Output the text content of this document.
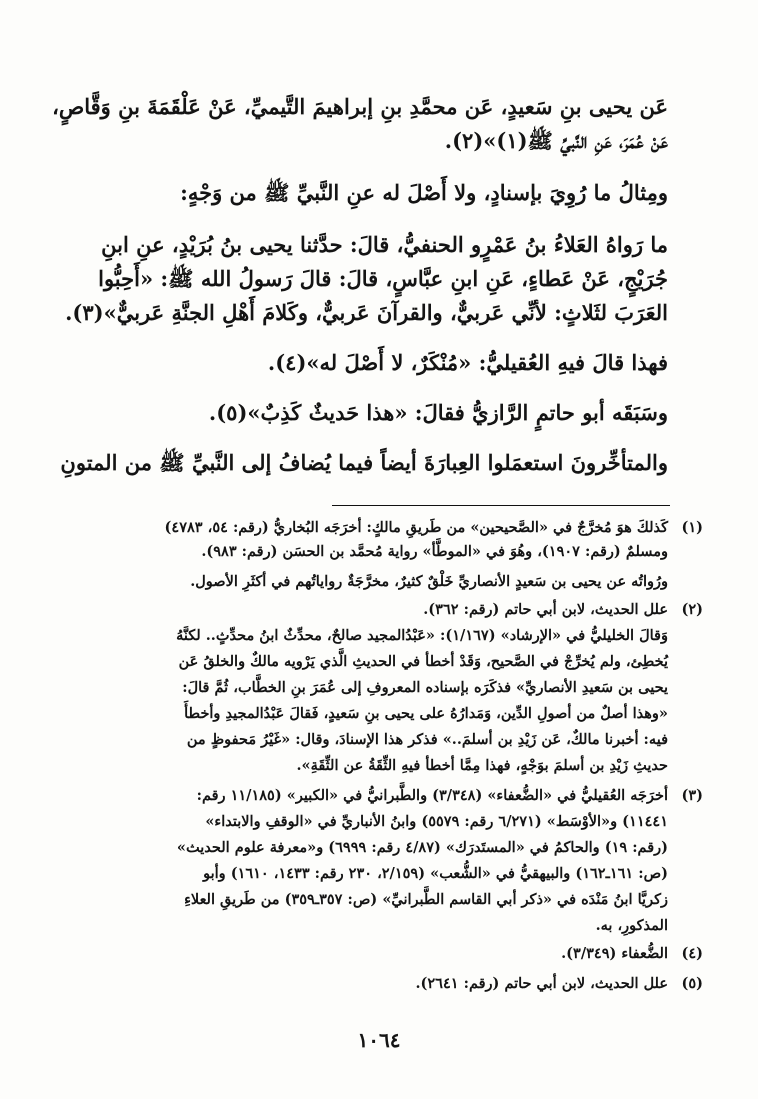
عَن يحيى بنِ سَعيدٍ، عَن محمَّدِ بنِ إبراهيمَ التَّيميِّ، عَنْ عَلْقَمَةَ بنِ وَقَّاصٍ،
عَنْ عُمَرَ، عَنِ النَّبيِّ ﷺ(١)»(٢).
ومِثالُ ما رُوِيَ بإسنادٍ، ولا أَصْلَ له عنِ النَّبيِّ ﷺ من وَجْهٍ:
ما رَواهُ العَلاءُ بنُ عَمْرٍو الحنفيُّ، قالَ: حدَّثنا يحيى بنُ بُرَيْدٍ، عنِ ابنِ
جُرَيْجٍ، عَنْ عَطاءٍ، عَنِ ابنِ عبَّاسٍ، قالَ: قالَ رَسولُ الله ﷺ: «أَحِبُّوا
العَرَبَ لثَلاثٍ: لأنِّي عَربيٌّ، والقرآنَ عَربيٌّ، وكَلامَ أَهْلِ الجنَّةِ عَربيٌّ»(٣).
فهذا قالَ فيهِ العُقيليُّ: «مُنْكَرٌ، لا أَصْلَ له»(٤).
وسَبَقَه أبو حاتمٍ الرَّازيُّ فقالَ: «هذا حَديثٌ كَذِبٌ»(٥).
والمتأخِّرونَ استعمَلوا العِبارَةَ أيضاً فيما يُضافُ إلى النَّبيِّ ﷺ من المتونِ
(١)
كَذلكَ هوَ مُخرَّجٌ في «الصَّحيحين» من طَريقِ مالكٍ: أخرَجَه البُخاريُّ (رقم: ٥٤، ٤٧٨٣)
ومسلمٌ (رقم: ١٩٠٧)، وهُوَ في «الموطَّأ» رواية مُحمَّد بن الحسَن (رقم: ٩٨٣).
ورُواتُه عن يحيى بن سَعيدٍ الأنصاريِّ خَلْقٌ كثيرٌ، مخرَّجَةٌ رواياتُهم في أكثَرِ الأصول.
(٢)
علل الحديث، لابن أبي حاتم (رقم: ٣٦٢).
وَقالَ الخليليُّ في «الإرشاد» (١/١٦٧): «عَبْدُالمجيد صالحٌ، محدِّثٌ ابنُ محدِّثٍ.. لكنَّهُ
يُخطِئ، ولم يُخرِّجْ في الصَّحيح، وَقَدْ أخطأ في الحديثِ الَّذي يَرْويه مالكٌ والخلقُ عَن
يحيى بن سَعيدِ الأنصاريِّ» فذكَرَه بإسناده المعروفِ إلى عُمَرَ بنِ الخطَّاب، ثُمَّ قالَ:
«وهذا أصلٌ من أصولِ الدِّين، وَمَدارُهُ على يحيى بنِ سَعيدٍ، فَقالَ عَبْدُالمجيدِ وأخطأَ
فيه: أخبرنا مالكٌ، عَن زَيْدِ بن أسلمَ..» فذكر هذا الإسنادَ، وقال: «غَيْرُ مَحفوظٍ من
حديثِ زَيْدِ بن أسلمَ بوَجْهٍ، فهذا مِمَّا أخطأ فيهِ الثِّقَةُ عن الثِّقَةِ».
(٣)
أخرَجَه العُقيليُّ في «الضُّعفاء» (٣/٣٤٨) والطَّبرانيُّ في «الكبير» (١١/١٨٥ رقم:
١١٤٤١) و«الأوْسَط» (٦/٢٧١ رقم: ٥٥٧٩) وابنُ الأنباريِّ في «الوقفِ والابتداء»
(رقم: ١٩) والحاكمُ في «المستَدرَك» (٤/٨٧ رقم: ٦٩٩٩) و«معرفة علوم الحديث»
(ص: ١٦١ـ١٦٢) والبيهقيُّ في «الشُّعب» (٢/١٥٩، ٢٣٠ رقم: ١٤٣٣، ١٦١٠) وأبو
زكريَّا ابنُ مَنْدَه في «ذكر أبي القاسم الطَّبرانيِّ» (ص: ٣٥٧ـ٣٥٩) من طَريقِ العلاءِ
المذكورِ، به.
(٤)
الضُّعفاء (٣/٣٤٩).
(٥)
علل الحديث، لابن أبي حاتم (رقم: ٢٦٤١).
١٠٦٤
